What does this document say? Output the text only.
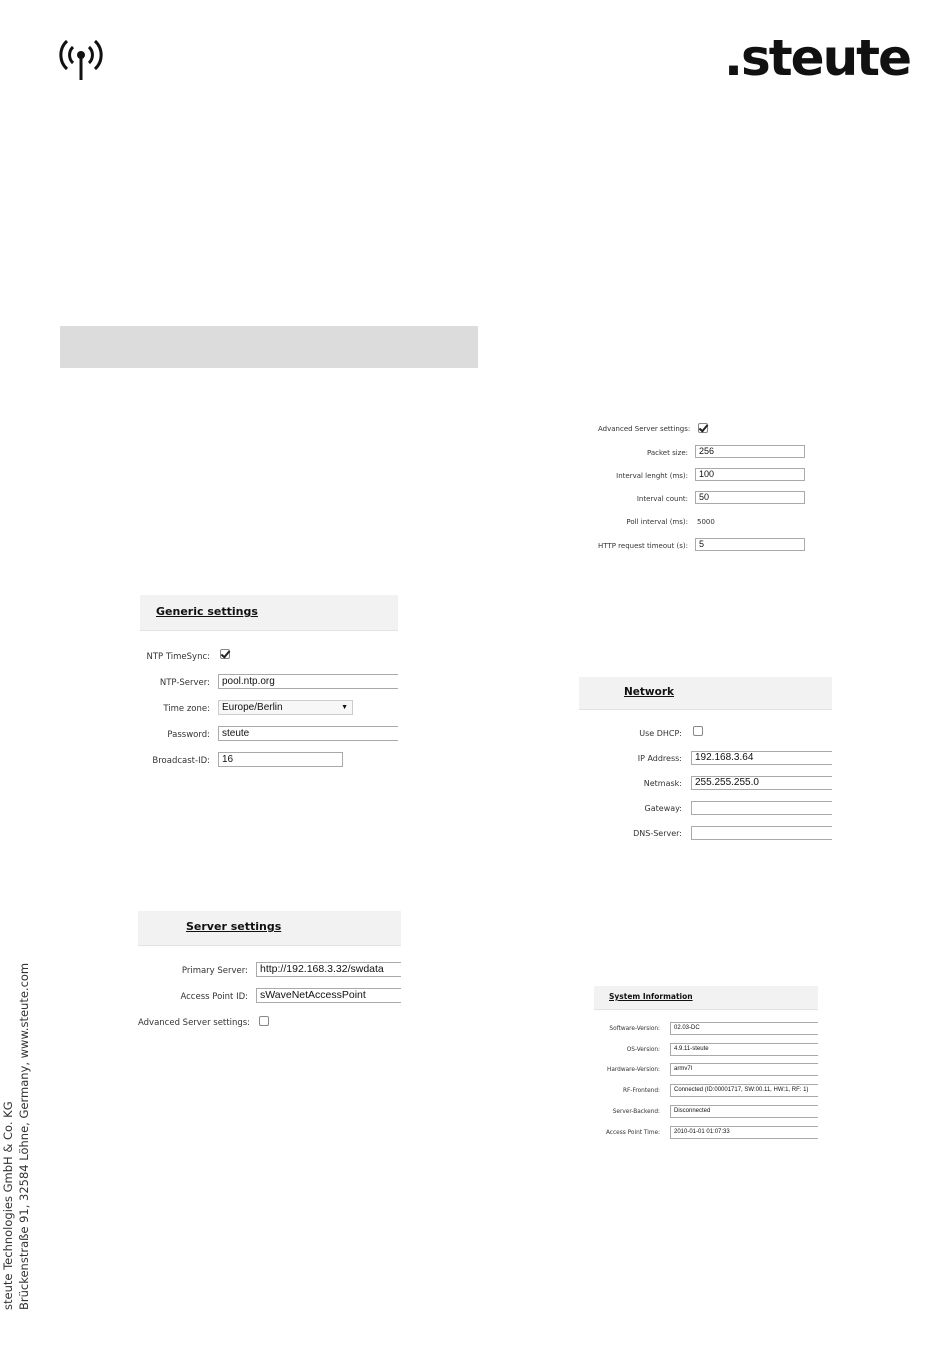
.steute
Advanced Server settings:
Packet size:	256
Interval lenght (ms):	100
Interval count:	50
Poll interval (ms): 5000
HTTP request timeout (s):	5
Generic settings
NTP TimeSync:
NTP-Server:	pool.ntp.org
Time zone:	Europe/Berlin	▼
Password:	steute
Broadcast-ID:	16
Network
Use DHCP:
IP Address:	192.168.3.64
Netmask:	255.255.255.0
Gateway:
DNS-Server:
Server settings
Primary Server:	http://192.168.3.32/swdata
Access Point ID:	sWaveNetAccessPoint
Advanced Server settings:
System Information
Software-Version:	02.03-DC
OS-Version:	4.9.11-steute
Hardware-Version:	armv7l
RF-Frontend:	Connected (ID:00001717, SW:00.11, HW:1, RF: 1)
Server-Backend:	Disconnected
Access Point Time:	2010-01-01 01:07:33
steute Technologies GmbH & Co. KG Brückenstraße 91, 32584 Löhne, Germany, www.steute.com
